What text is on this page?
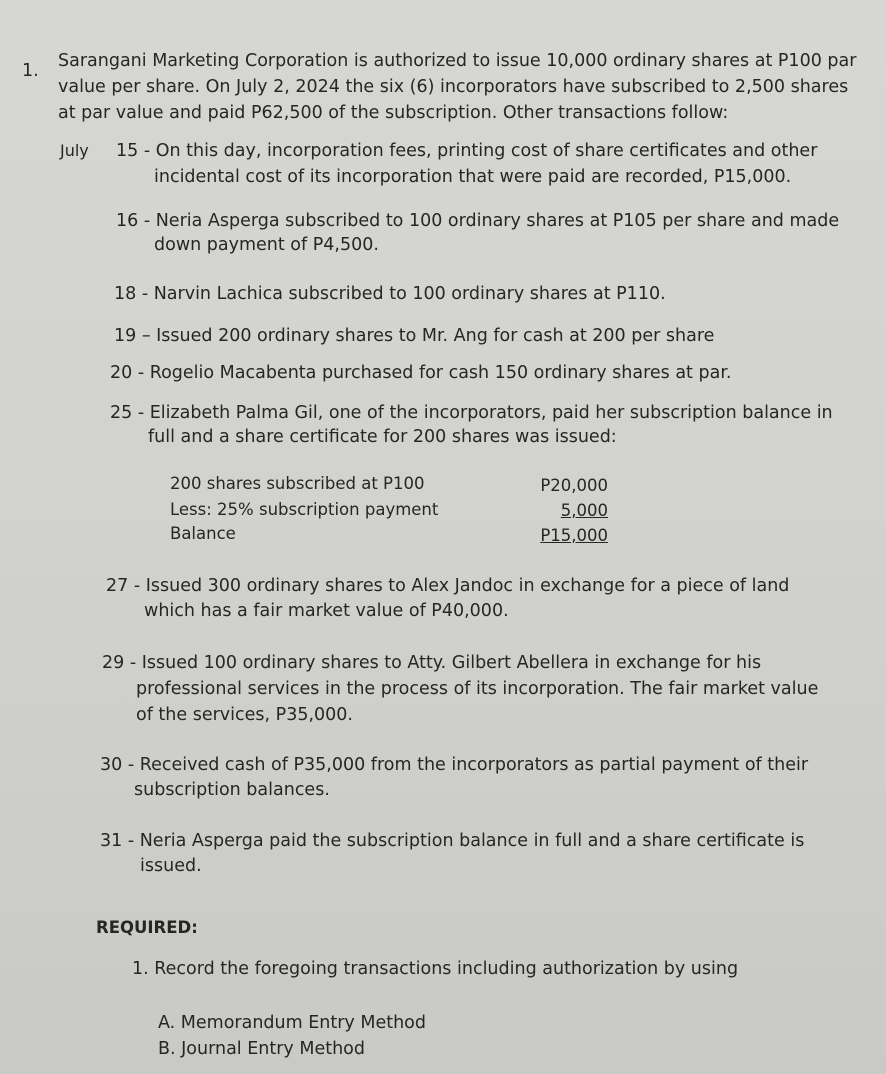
1. Sarangani Marketing Corporation is authorized to issue 10,000 ordinary shares at P100 par
value per share. On July 2, 2024 the six (6) incorporators have subscribed to 2,500 shares
at par value and paid P62,500 of the subscription. Other transactions follow:
July 15 - On this day, incorporation fees, printing cost of share certificates and other
incidental cost of its incorporation that were paid are recorded, P15,000.
16 - Neria Asperga subscribed to 100 ordinary shares at P105 per share and made
down payment of P4,500.
18 - Narvin Lachica subscribed to 100 ordinary shares at P110.
19 – Issued 200 ordinary shares to Mr. Ang for cash at 200 per share
20 - Rogelio Macabenta purchased for cash 150 ordinary shares at par.
25 - Elizabeth Palma Gil, one of the incorporators, paid her subscription balance in
full and a share certificate for 200 shares was issued:
200 shares subscribed at P100	P20,000
Less: 25% subscription payment	5,000
Balance	P15,000
27 - Issued 300 ordinary shares to Alex Jandoc in exchange for a piece of land
which has a fair market value of P40,000.
29 - Issued 100 ordinary shares to Atty. Gilbert Abellera in exchange for his
professional services in the process of its incorporation. The fair market value
of the services, P35,000.
30 - Received cash of P35,000 from the incorporators as partial payment of their
subscription balances.
31 - Neria Asperga paid the subscription balance in full and a share certificate is
issued.
REQUIRED:
1. Record the foregoing transactions including authorization by using
A. Memorandum Entry Method
B. Journal Entry Method
